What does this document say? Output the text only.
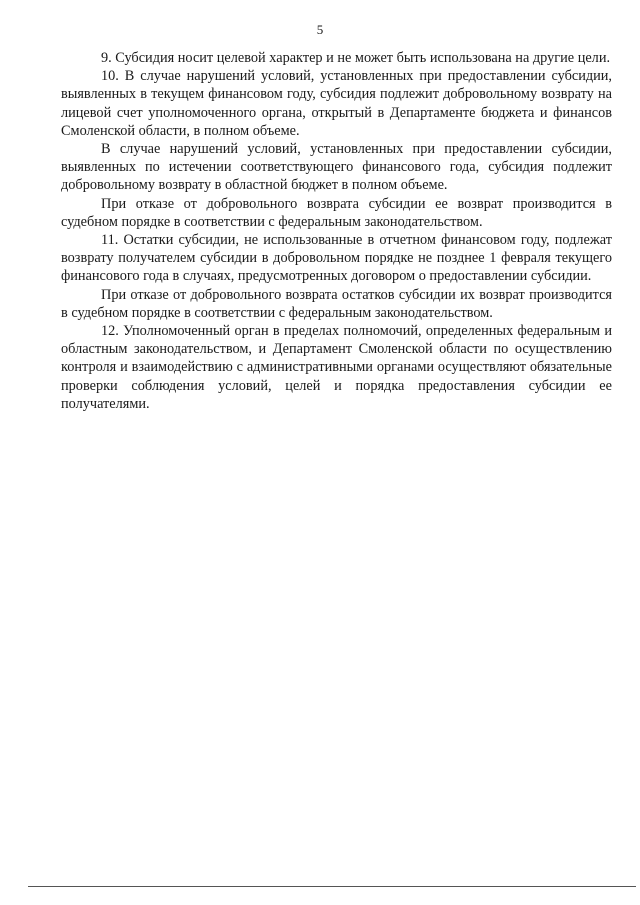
5

9. Субсидия носит целевой характер и не может быть использована на другие цели.

10. В случае нарушений условий, установленных при предоставлении субсидии, выявленных в текущем финансовом году, субсидия подлежит добровольному возврату на лицевой счет уполномоченного органа, открытый в Департаменте бюджета и финансов Смоленской области, в полном объеме.

В случае нарушений условий, установленных при предоставлении субсидии, выявленных по истечении соответствующего финансового года, субсидия подлежит добровольному возврату в областной бюджет в полном объеме.

При отказе от добровольного возврата субсидии ее возврат производится в судебном порядке в соответствии с федеральным законодательством.

11. Остатки субсидии, не использованные в отчетном финансовом году, подлежат возврату получателем субсидии в добровольном порядке не позднее 1 февраля текущего финансового года в случаях, предусмотренных договором о предоставлении субсидии.

При отказе от добровольного возврата остатков субсидии их возврат производится в судебном порядке в соответствии с федеральным законодательством.

12. Уполномоченный орган в пределах полномочий, определенных федеральным и областным законодательством, и Департамент Смоленской области по осуществлению контроля и взаимодействию с административными органами осуществляют обязательные проверки соблюдения условий, целей и порядка предоставления субсидии ее получателями.
